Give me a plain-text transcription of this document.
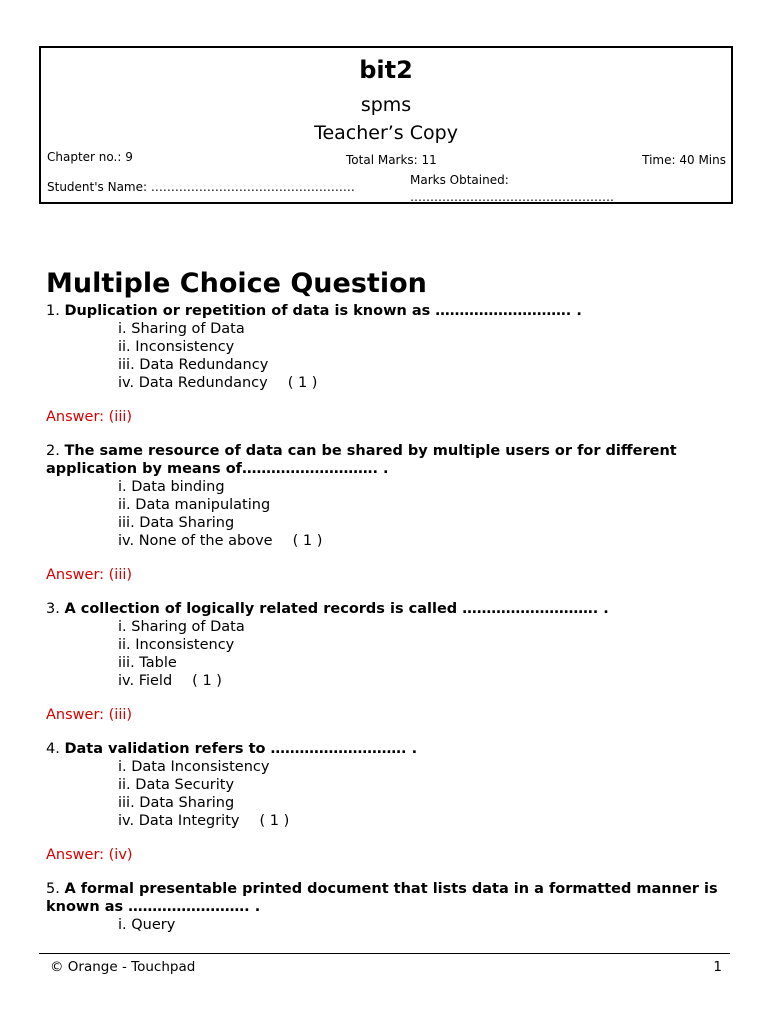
bit2
spms
Teacher’s Copy
Chapter no.: 9	Total Marks: 11	Time: 40 Mins
Student's Name: ……………………………………………	Marks Obtained:
……………………………………………
Multiple Choice Question
1. Duplication or repetition of data is known as ………………………. .
i. Sharing of Data
ii. Inconsistency
iii. Data Redundancy
iv. Data Redundancy ( 1 )
Answer: (iii)
2. The same resource of data can be shared by multiple users or for different application by means of………………………. .
i. Data binding
ii. Data manipulating
iii. Data Sharing
iv. None of the above ( 1 )
Answer: (iii)
3. A collection of logically related records is called ………………………. .
i. Sharing of Data
ii. Inconsistency
iii. Table
iv. Field ( 1 )
Answer: (iii)
4. Data validation refers to ………………………. .
i. Data Inconsistency
ii. Data Security
iii. Data Sharing
iv. Data Integrity ( 1 )
Answer: (iv)
5. A formal presentable printed document that lists data in a formatted manner is known as ……………………. .
i. Query
© Orange - Touchpad	1
